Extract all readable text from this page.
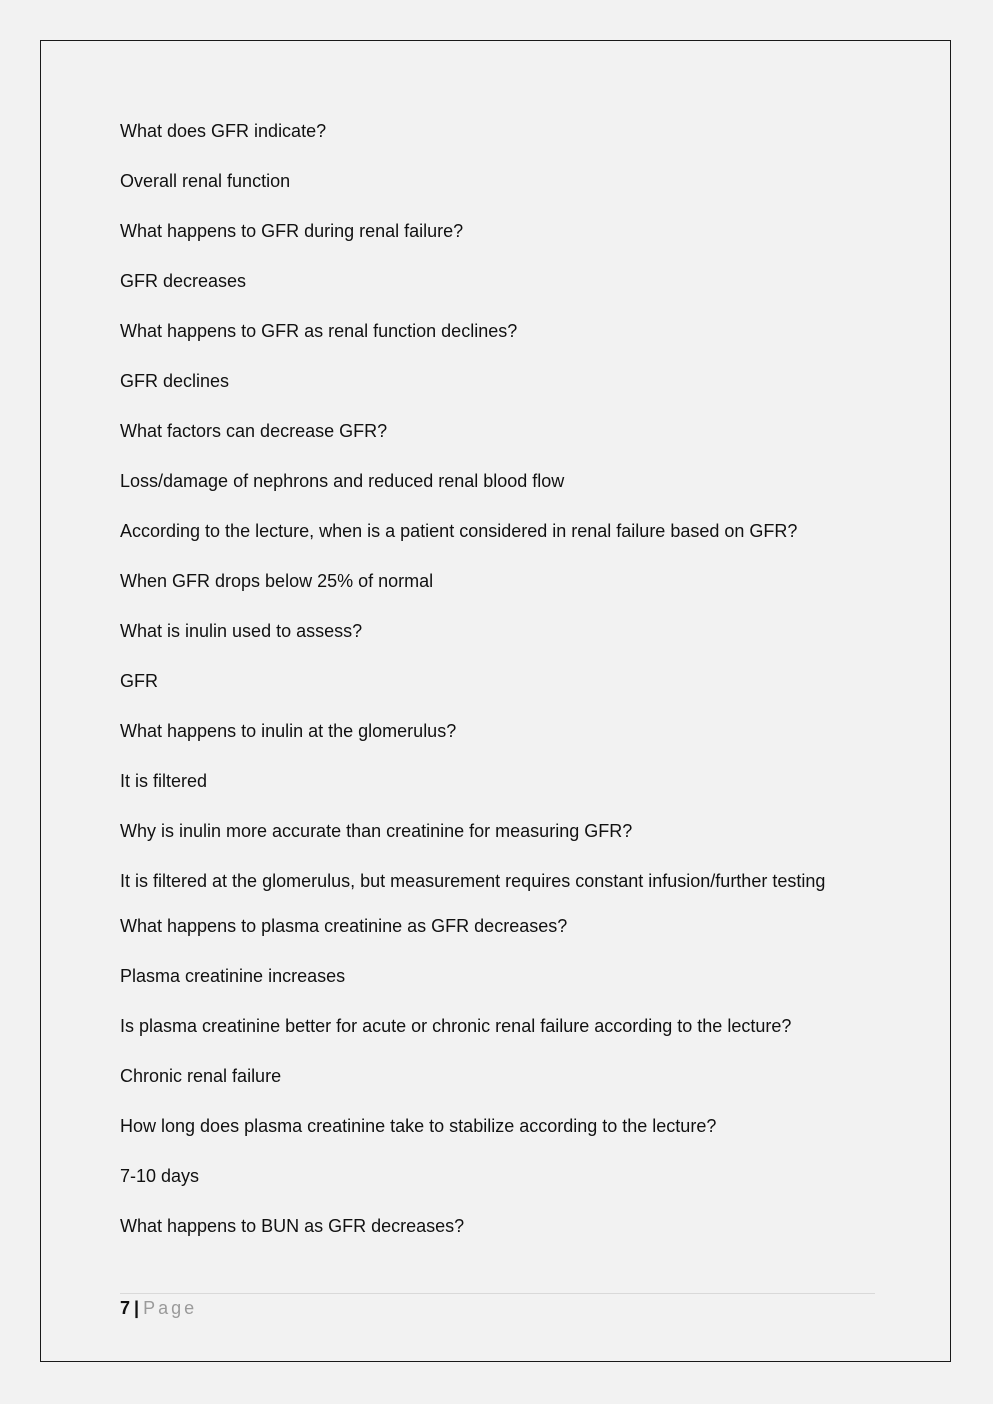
What does GFR indicate?

Overall renal function

What happens to GFR during renal failure?

GFR decreases

What happens to GFR as renal function declines?

GFR declines

What factors can decrease GFR?

Loss/damage of nephrons and reduced renal blood flow

According to the lecture, when is a patient considered in renal failure based on GFR?

When GFR drops below 25% of normal

What is inulin used to assess?

GFR

What happens to inulin at the glomerulus?

It is filtered

Why is inulin more accurate than creatinine for measuring GFR?

It is filtered at the glomerulus, but measurement requires constant infusion/further testing

What happens to plasma creatinine as GFR decreases?

Plasma creatinine increases

Is plasma creatinine better for acute or chronic renal failure according to the lecture?

Chronic renal failure

How long does plasma creatinine take to stabilize according to the lecture?

7-10 days

What happens to BUN as GFR decreases?

7 | Page
